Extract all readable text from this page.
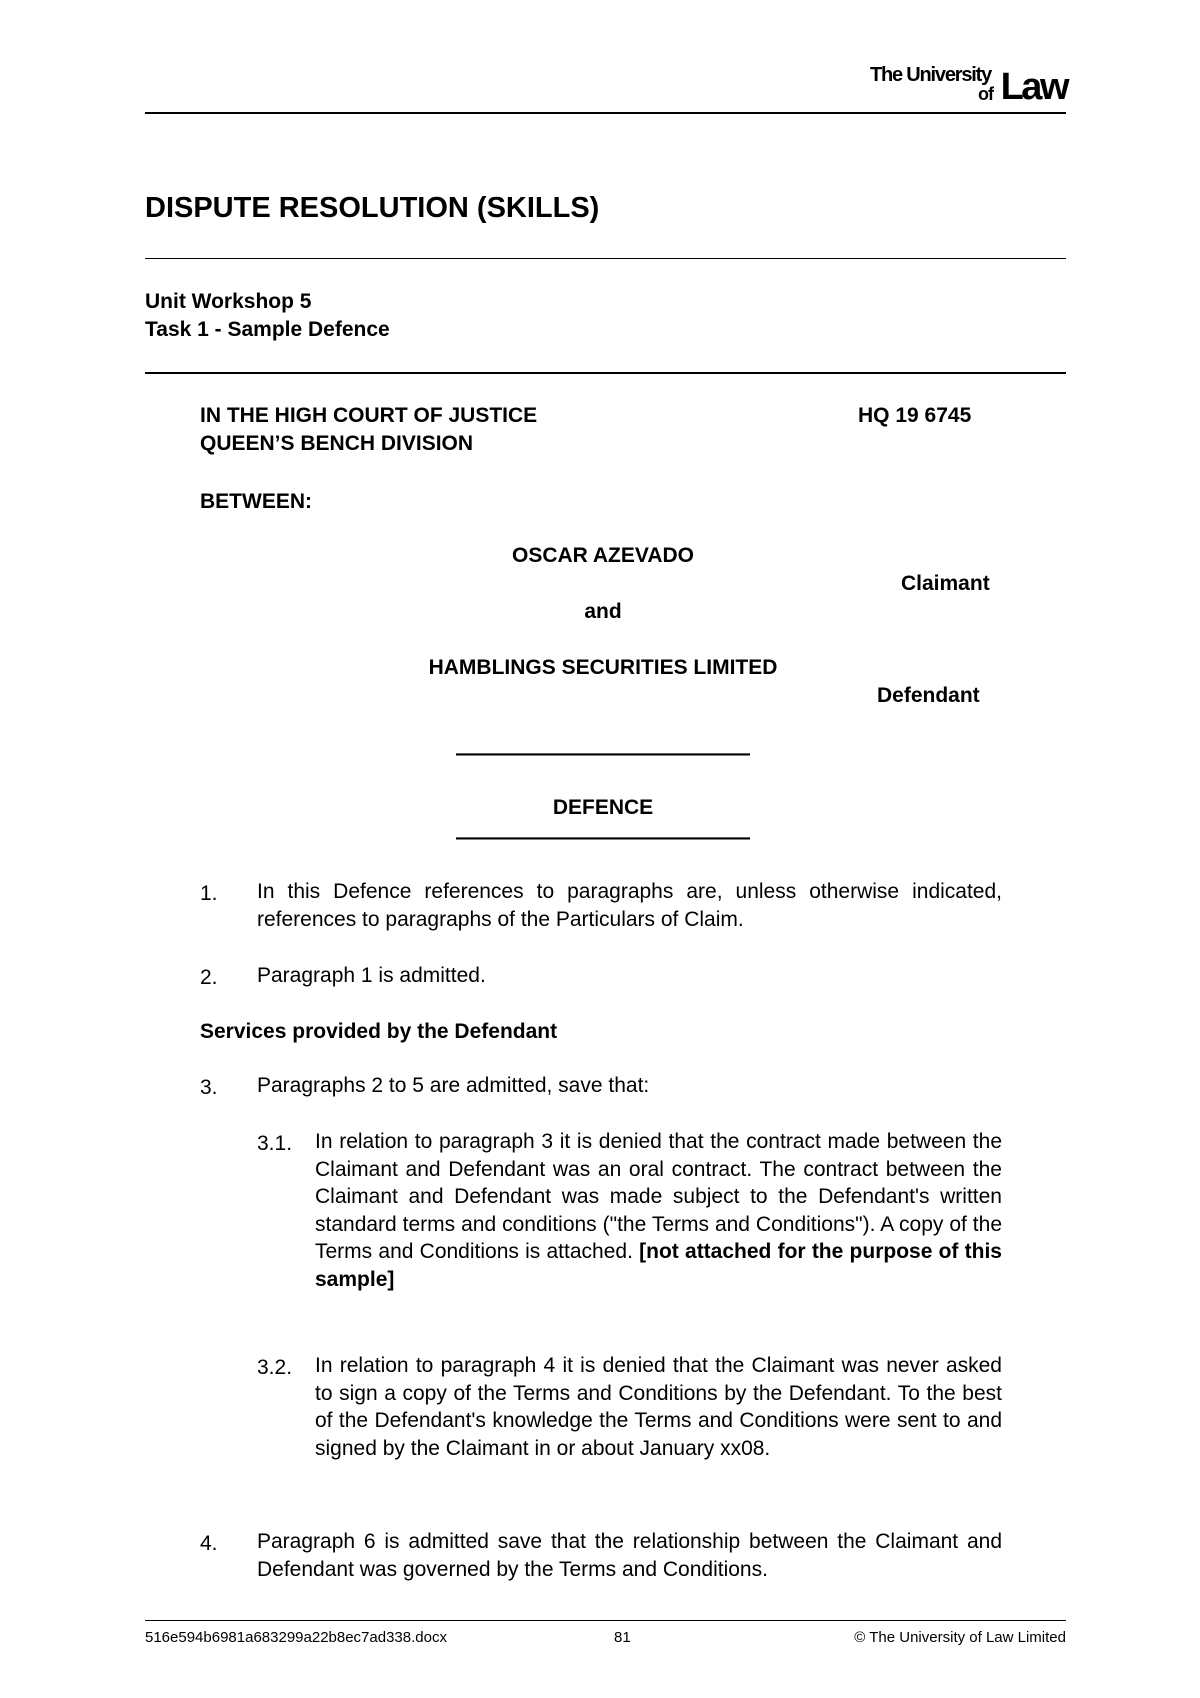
The University
of Law
DISPUTE RESOLUTION (SKILLS)
Unit Workshop 5
Task 1 - Sample Defence
IN THE HIGH COURT OF JUSTICE	HQ 19 6745
QUEEN’S BENCH DIVISION
BETWEEN:
OSCAR AZEVADO
Claimant
and
HAMBLINGS SECURITIES LIMITED
Defendant
——————————————
DEFENCE
——————————————
1. In this Defence references to paragraphs are, unless otherwise indicated, references to paragraphs of the Particulars of Claim.
2. Paragraph 1 is admitted.
Services provided by the Defendant
3. Paragraphs 2 to 5 are admitted, save that:
3.1. In relation to paragraph 3 it is denied that the contract made between the Claimant and Defendant was an oral contract. The contract between the Claimant and Defendant was made subject to the Defendant's written standard terms and conditions ("the Terms and Conditions"). A copy of the Terms and Conditions is attached. [not attached for the purpose of this sample]
3.2. In relation to paragraph 4 it is denied that the Claimant was never asked to sign a copy of the Terms and Conditions by the Defendant. To the best of the Defendant's knowledge the Terms and Conditions were sent to and signed by the Claimant in or about January xx08.
4. Paragraph 6 is admitted save that the relationship between the Claimant and Defendant was governed by the Terms and Conditions.
516e594b6981a683299a22b8ec7ad338.docx	81	© The University of Law Limited
